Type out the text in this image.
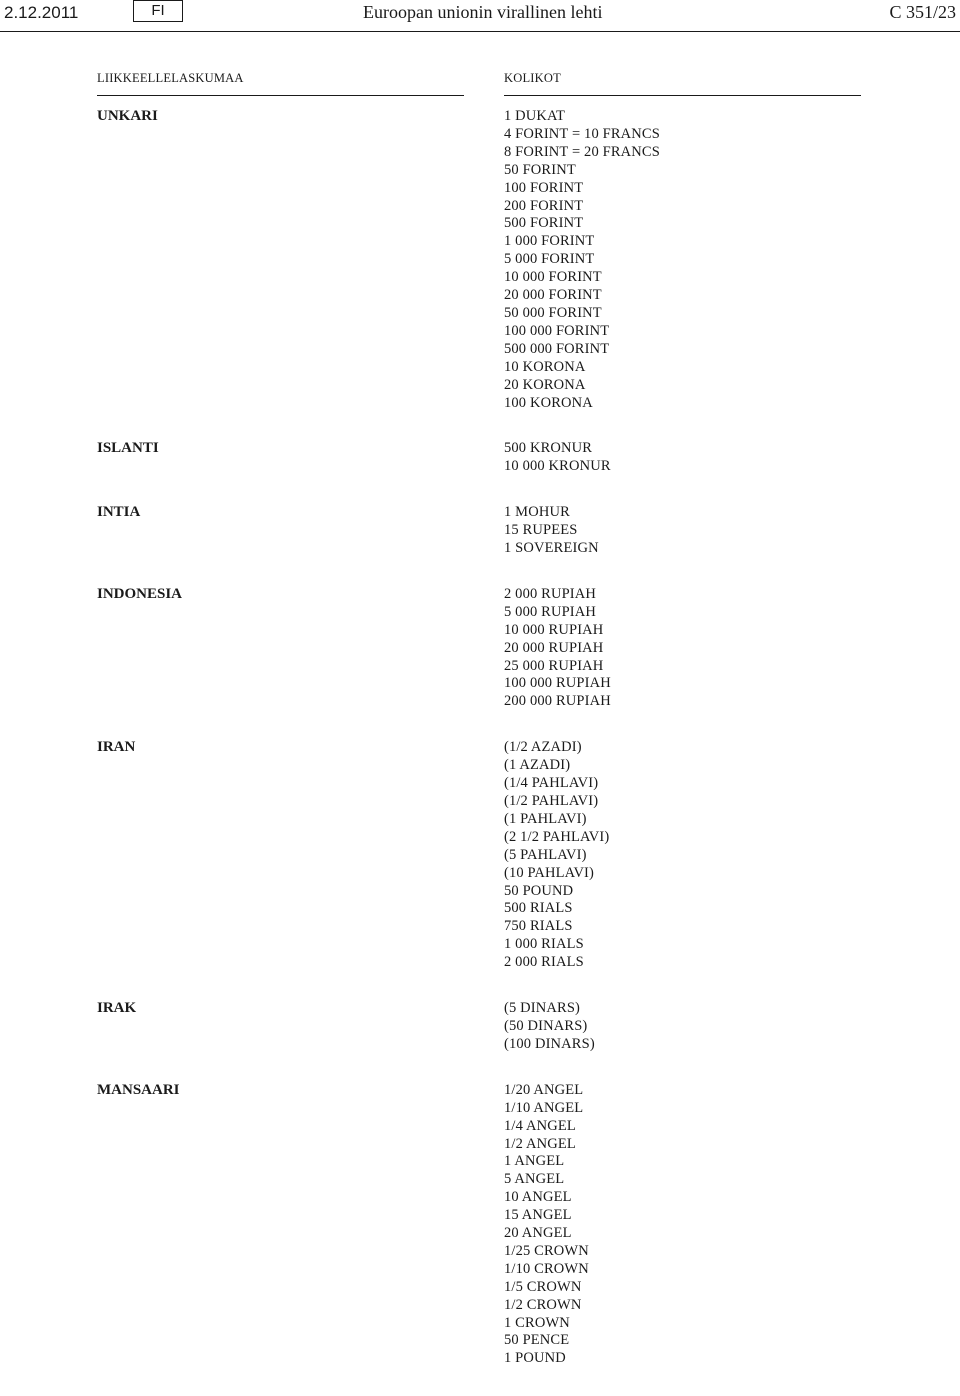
2.12.2011	FI	Euroopan unionin virallinen lehti	C 351/23
LIIKKEELLELASKUMAA	KOLIKOT
UNKARI	1 DUKAT
4 FORINT = 10 FRANCS
8 FORINT = 20 FRANCS
50 FORINT
100 FORINT
200 FORINT
500 FORINT
1 000 FORINT
5 000 FORINT
10 000 FORINT
20 000 FORINT
50 000 FORINT
100 000 FORINT
500 000 FORINT
10 KORONA
20 KORONA
100 KORONA
ISLANTI	500 KRONUR
10 000 KRONUR
INTIA	1 MOHUR
15 RUPEES
1 SOVEREIGN
INDONESIA	2 000 RUPIAH
5 000 RUPIAH
10 000 RUPIAH
20 000 RUPIAH
25 000 RUPIAH
100 000 RUPIAH
200 000 RUPIAH
IRAN	(1/2 AZADI)
(1 AZADI)
(1/4 PAHLAVI)
(1/2 PAHLAVI)
(1 PAHLAVI)
(2 1/2 PAHLAVI)
(5 PAHLAVI)
(10 PAHLAVI)
50 POUND
500 RIALS
750 RIALS
1 000 RIALS
2 000 RIALS
IRAK	(5 DINARS)
(50 DINARS)
(100 DINARS)
MANSAARI	1/20 ANGEL
1/10 ANGEL
1/4 ANGEL
1/2 ANGEL
1 ANGEL
5 ANGEL
10 ANGEL
15 ANGEL
20 ANGEL
1/25 CROWN
1/10 CROWN
1/5 CROWN
1/2 CROWN
1 CROWN
50 PENCE
1 POUND
